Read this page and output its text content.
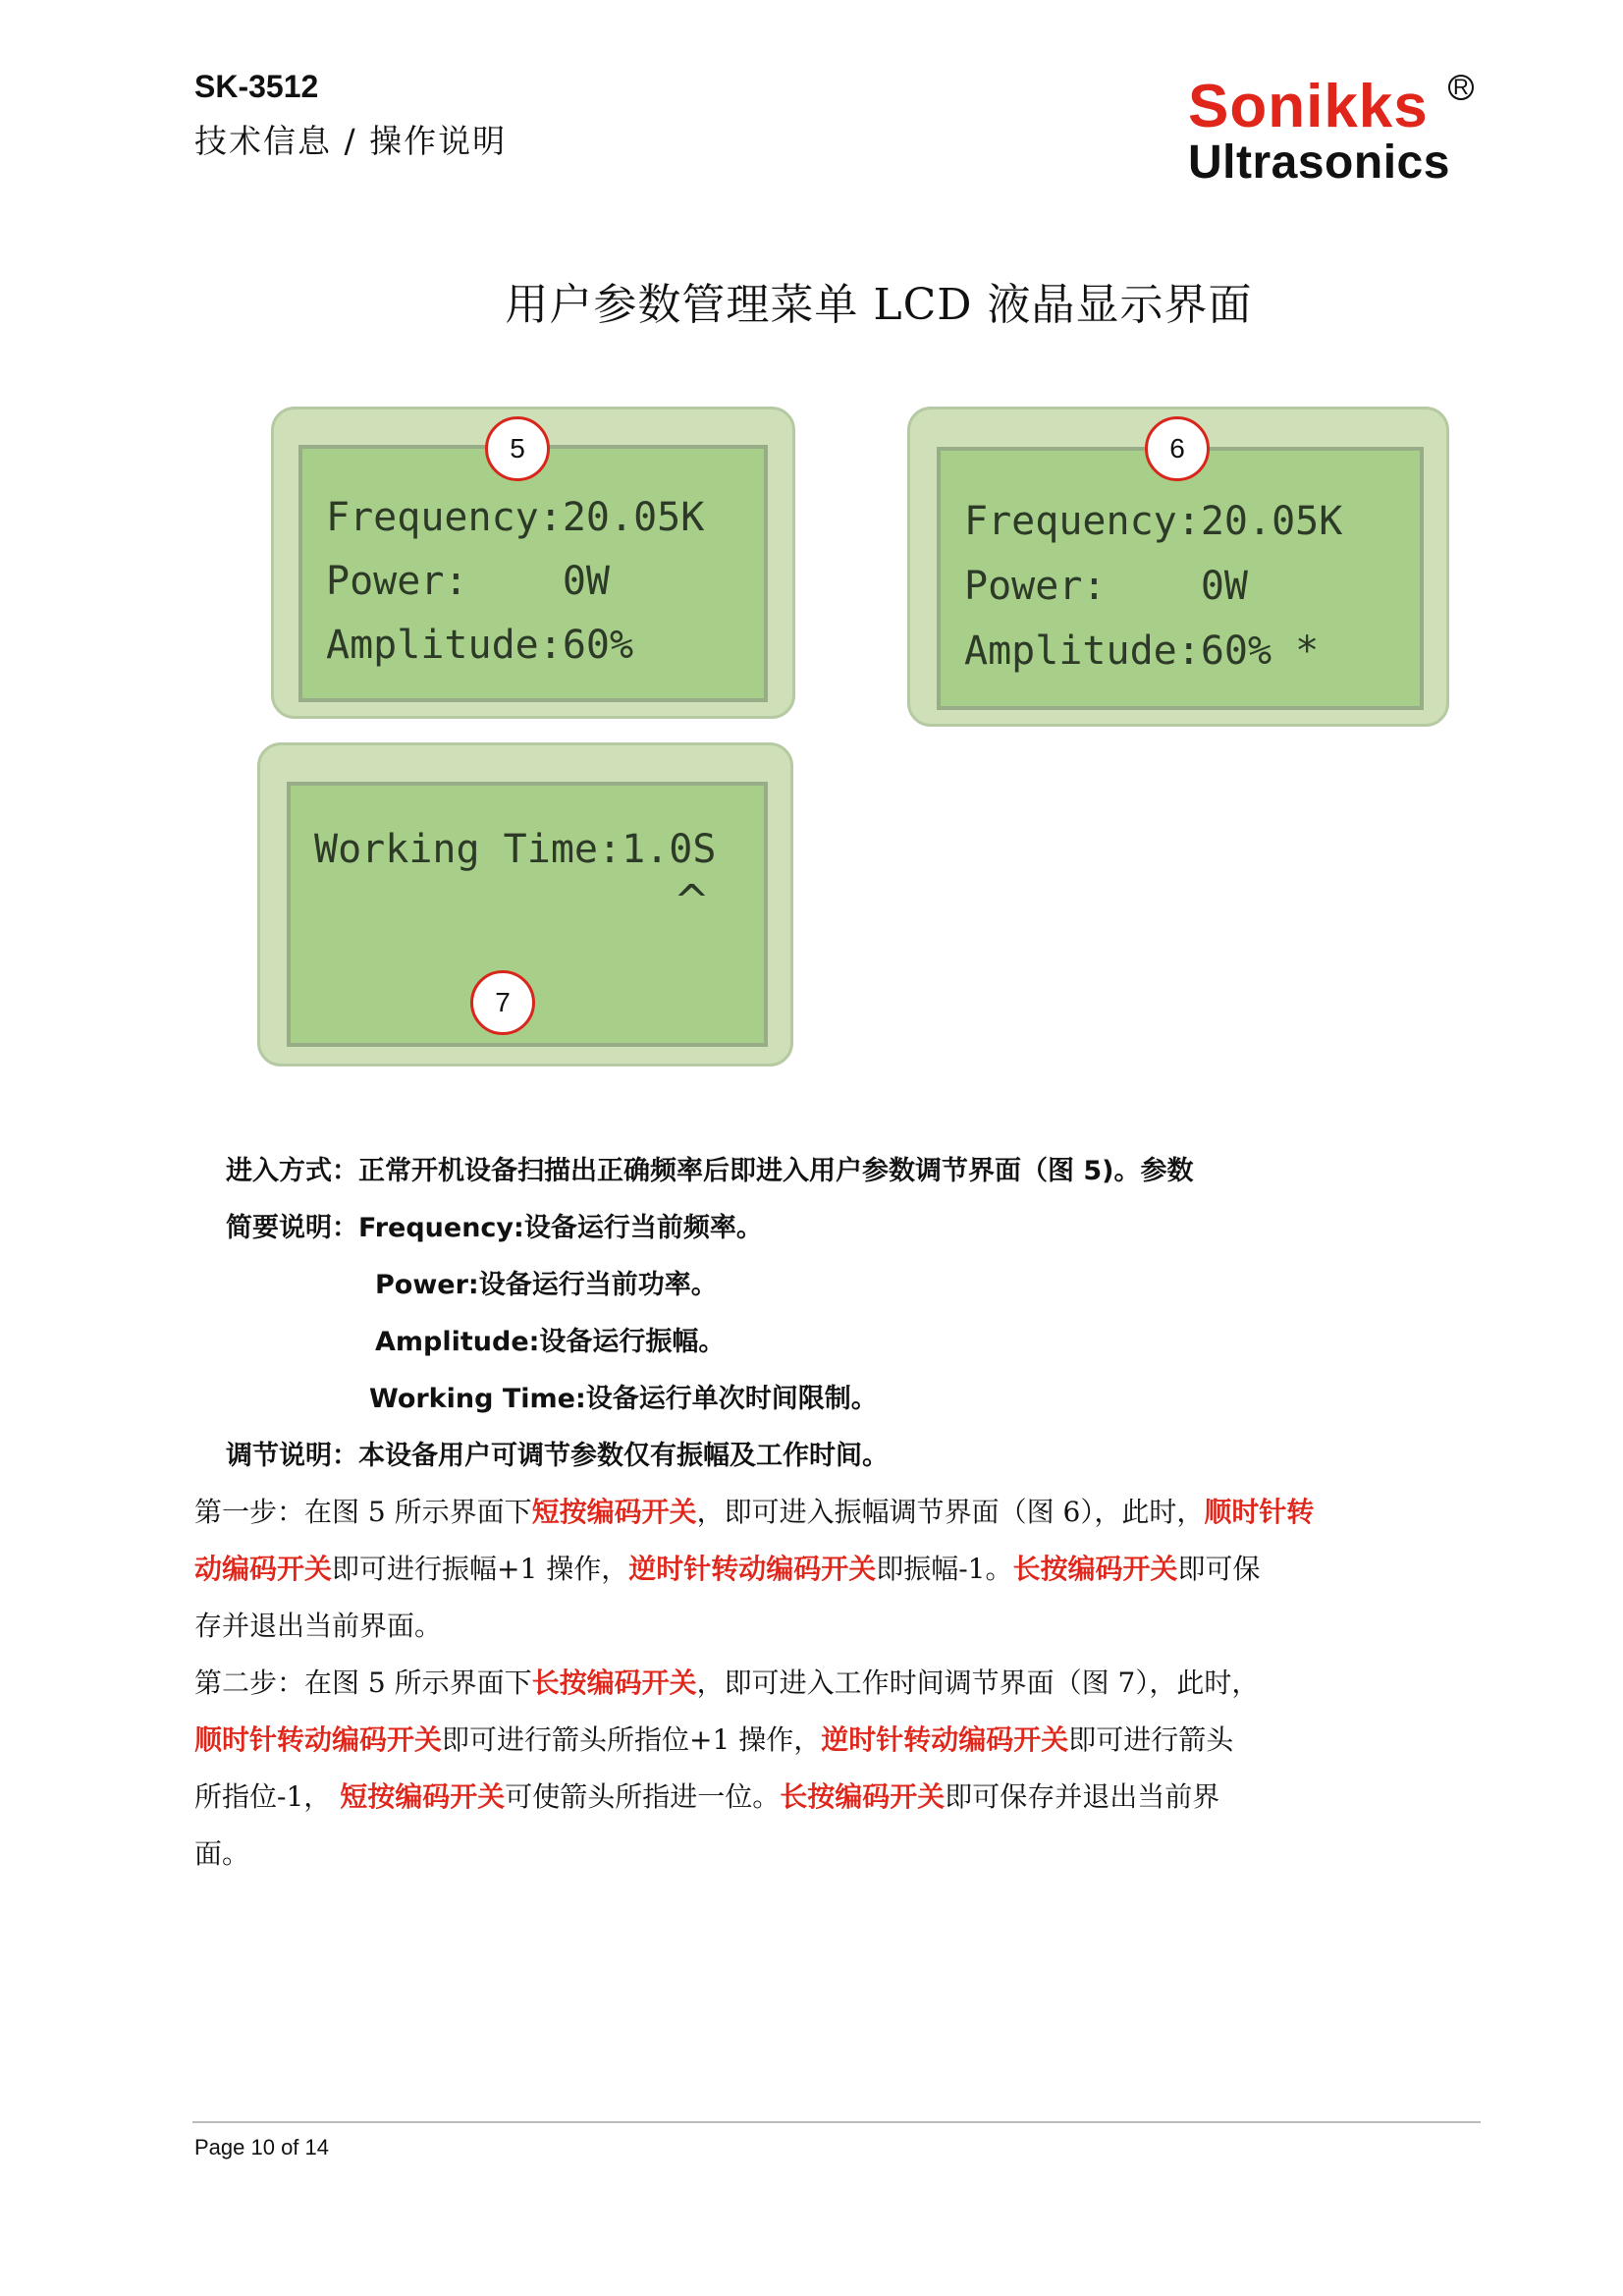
SK-3512
技术信息 / 操作说明
Sonikks	R
Ultrasonics
用户参数管理菜单 LCD 液晶显示界面
Frequency:20.05K
Power:    0W
Amplitude:60%
5
Frequency:20.05K
Power:    0W
Amplitude:60% *
6
Working Time:1.0S
^
7
进入方式：正常开机设备扫描出正确频率后即进入用户参数调节界面（图 5)。参数
简要说明：Frequency:设备运行当前频率。
Power:设备运行当前功率。
Amplitude:设备运行振幅。
Working Time:设备运行单次时间限制。
调节说明：本设备用户可调节参数仅有振幅及工作时间。
第一步：在图 5 所示界面下短按编码开关，即可进入振幅调节界面（图 6），此时，顺时针转
动编码开关即可进行振幅+1 操作，逆时针转动编码开关即振幅-1。长按编码开关即可保
存并退出当前界面。
第二步：在图 5 所示界面下长按编码开关，即可进入工作时间调节界面（图 7），此时，
顺时针转动编码开关即可进行箭头所指位+1 操作，逆时针转动编码开关即可进行箭头
所指位-1， 短按编码开关可使箭头所指进一位。长按编码开关即可保存并退出当前界
面。
Page 10 of 14
